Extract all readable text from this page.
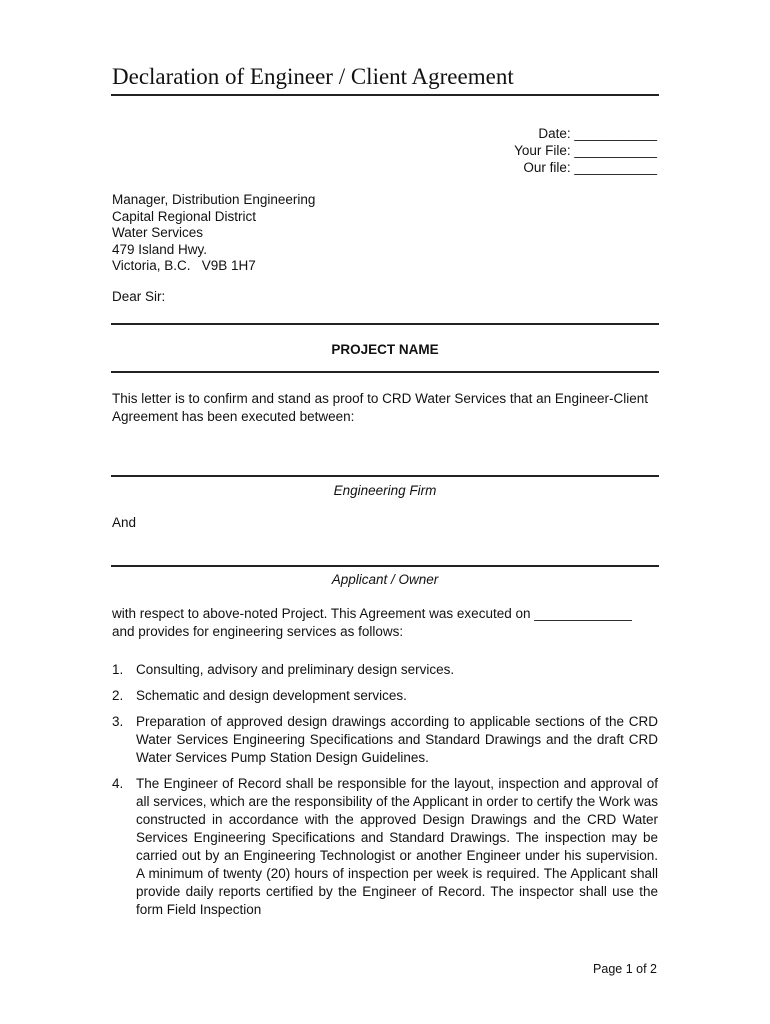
Declaration of Engineer / Client Agreement
Date: ___________
Your File: ___________
Our file: ___________
Manager, Distribution Engineering
Capital Regional District
Water Services
479 Island Hwy.
Victoria, B.C.   V9B 1H7
Dear Sir:
PROJECT NAME
This letter is to confirm and stand as proof to CRD Water Services that an Engineer-Client Agreement has been executed between:
Engineering Firm
And
Applicant / Owner
with respect to above-noted Project. This Agreement was executed on _____________ and provides for engineering services as follows:
1. Consulting, advisory and preliminary design services.
2. Schematic and design development services.
3. Preparation of approved design drawings according to applicable sections of the CRD Water Services Engineering Specifications and Standard Drawings and the draft CRD Water Services Pump Station Design Guidelines.
4. The Engineer of Record shall be responsible for the layout, inspection and approval of all services, which are the responsibility of the Applicant in order to certify the Work was constructed in accordance with the approved Design Drawings and the CRD Water Services Engineering Specifications and Standard Drawings. The inspection may be carried out by an Engineering Technologist or another Engineer under his supervision. A minimum of twenty (20) hours of inspection per week is required. The Applicant shall provide daily reports certified by the Engineer of Record. The inspector shall use the form Field Inspection
Page 1 of 2
